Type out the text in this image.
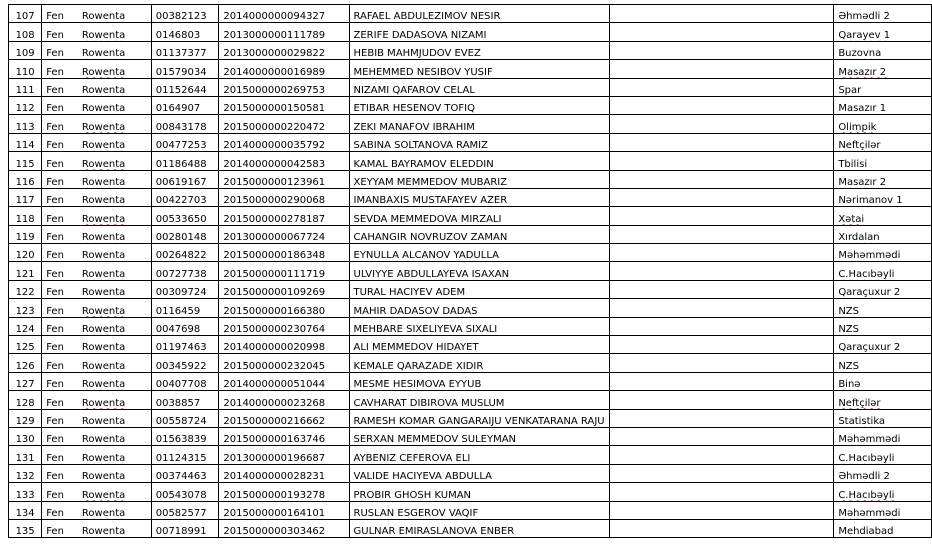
107	Fen Rowenta	00382123	2014000000094327	RAFAEL ABDULEZIMOV NESIR		Əhmədli 2
108	Fen Rowenta	0146803	2013000000111789	ZERIFE DADASOVA NIZAMI		Qarayev 1
109	Fen Rowenta	01137377	2013000000029822	HEBIB MAHMJUDOV EVEZ		Buzovna
110	Fen Rowenta	01579034	2014000000016989	MEHEMMED NESIBOV YUSIF		Masazır 2
111	Fen Rowenta	01152644	2015000000269753	NIZAMI QAFAROV CELAL		Spar
112	Fen Rowenta	0164907	2015000000150581	ETIBAR HESENOV TOFIQ		Masazır 1
113	Fen Rowenta	00843178	2015000000220472	ZEKI MANAFOV IBRAHIM		Olimpik
114	Fen Rowenta	00477253	2014000000035792	SABINA SOLTANOVA RAMIZ		Neftçilər
115	Fen Rowenta	01186488	2014000000042583	KAMAL BAYRAMOV ELEDDIN		Tbilisi
116	Fen Rowenta	00619167	2015000000123961	XEYYAM MEMMEDOV MUBARIZ		Masazır 2
117	Fen Rowenta	00422703	2015000000290068	IMANBAXIS MUSTAFAYEV AZER		Nərimanov 1
118	Fen Rowenta	00533650	2015000000278187	SEVDA MEMMEDOVA MIRZALI		Xətai
119	Fen Rowenta	00280148	2013000000067724	CAHANGIR NOVRUZOV ZAMAN		Xırdalan
120	Fen Rowenta	00264822	2015000000186348	EYNULLA ALCANOV YADULLA		Məhəmmədi
121	Fen Rowenta	00727738	2015000000111719	ULVIYYE ABDULLAYEVA ISAXAN		C.Hacıbəyli
122	Fen Rowenta	00309724	2015000000109269	TURAL HACIYEV ADEM		Qaraçuxur 2
123	Fen Rowenta	0116459	2015000000166380	MAHIR DADASOV DADAS		NZS
124	Fen Rowenta	0047698	2015000000230764	MEHBARE SIXELIYEVA SIXALI		NZS
125	Fen Rowenta	01197463	2014000000020998	ALI MEMMEDOV HIDAYET		Qaraçuxur 2
126	Fen Rowenta	00345922	2015000000232045	KEMALE QARAZADE XIDIR		NZS
127	Fen Rowenta	00407708	2014000000051044	MESME HESIMOVA EYYUB		Binə
128	Fen Rowenta	0038857	2014000000023268	CAVHARAT DIBIROVA MUSLUM		Neftçilər
129	Fen Rowenta	00558724	2015000000216662	RAMESH KOMAR GANGARAIJU VENKATARANA RAJU		Statistika
130	Fen Rowenta	01563839	2015000000163746	SERXAN MEMMEDOV SULEYMAN		Məhəmmədi
131	Fen Rowenta	01124315	2013000000196687	AYBENIZ CEFEROVA ELI		C.Hacıbəyli
132	Fen Rowenta	00374463	2014000000028231	VALIDE HACIYEVA ABDULLA		Əhmədli 2
133	Fen Rowenta	00543078	2015000000193278	PROBIR GHOSH KUMAN		C.Hacıbəyli
134	Fen Rowenta	00582577	2015000000164101	RUSLAN ESGEROV VAQIF		Məhəmmədi
135	Fen Rowenta	00718991	2015000000303462	GULNAR EMIRASLANOVA ENBER		Mehdiabad
